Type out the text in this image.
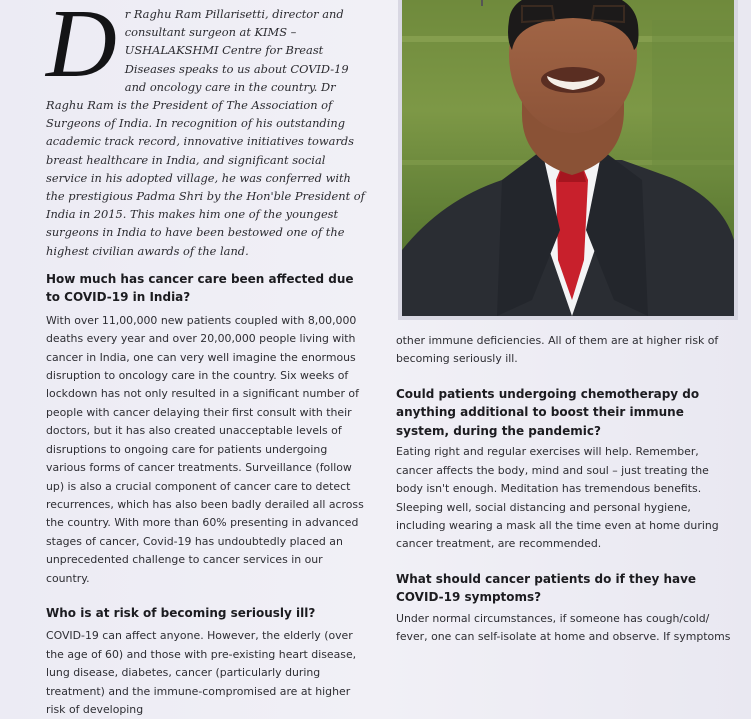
D r Raghu Ram Pillarisetti, director and consultant surgeon at KIMS – USHALAKSHMI Centre for Breast Diseases speaks to us about COVID-19 and oncology care in the country. Dr Raghu Ram is the President of The Association of Surgeons of India. In recognition of his outstanding academic track record, innovative initiatives towards breast healthcare in India, and significant social service in his adopted village, he was conferred with the prestigious Padma Shri by the Hon'ble President of India in 2015. This makes him one of the youngest surgeons in India to have been bestowed one of the highest civilian awards of the land.

How much has cancer care been affected due to COVID-19 in India?

With over 11,00,000 new patients coupled with 8,00,000 deaths every year and over 20,00,000 people living with cancer in India, one can very well imagine the enormous disruption to oncology care in the country. Six weeks of lockdown has not only resulted in a significant number of people with cancer delaying their first consult with their doctors, but it has also created unacceptable levels of disruptions to ongoing care for patients undergoing various forms of cancer treatments. Surveillance (follow up) is also a crucial component of cancer care to detect recurrences, which has also been badly derailed all across the country. With more than 60% presenting in advanced stages of cancer, Covid-19 has undoubtedly placed an unprecedented challenge to cancer services in our country.

Who is at risk of becoming seriously ill?

COVID-19 can affect anyone. However, the elderly (over the age of 60) and those with pre-existing heart disease, lung disease, diabetes, cancer (particularly during treatment) and the immune-compromised are at higher risk of developing

other immune deficiencies. All of them are at higher risk of becoming seriously ill.

Could patients undergoing chemotherapy do anything additional to boost their immune system, during the pandemic?

Eating right and regular exercises will help. Remember, cancer affects the body, mind and soul – just treating the body isn't enough. Meditation has tremendous benefits. Sleeping well, social distancing and personal hygiene, including wearing a mask all the time even at home during cancer treatment, are recommended.

What should cancer patients do if they have COVID-19 symptoms?

Under normal circumstances, if someone has cough/cold/ fever, one can self-isolate at home and observe. If symptoms
